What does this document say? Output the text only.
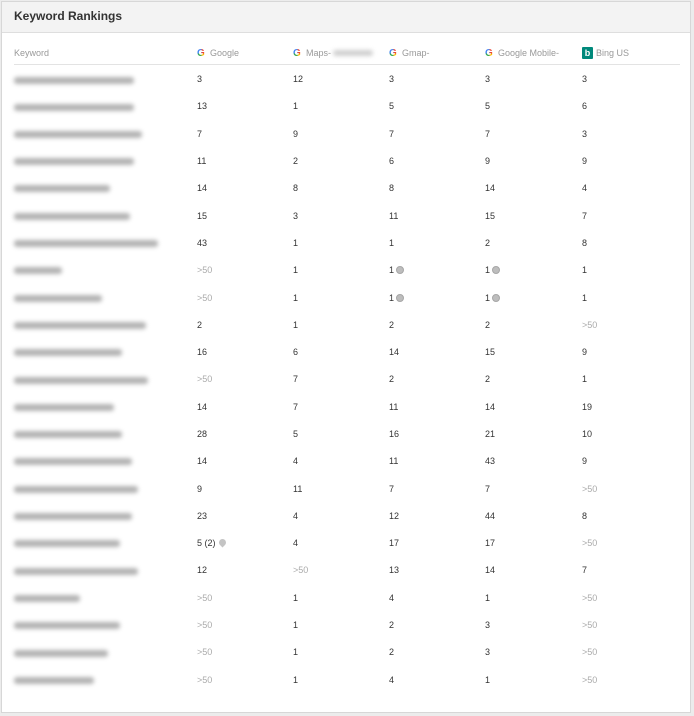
Keyword Rankings
Keyword	G Google	G Maps-	G Gmap-	G Google Mobile-	b Bing US

	3	12	3	3	3
	13	1	5	5	6
	7	9	7	7	3
	11	2	6	9	9
	14	8	8	14	4
	15	3	11	15	7
	43	1	1	2	8
	>50	1	1	1	1
	>50	1	1	1	1
	2	1	2	2	>50
	16	6	14	15	9
	>50	7	2	2	1
	14	7	11	14	19
	28	5	16	21	10
	14	4	11	43	9
	9	11	7	7	>50
	23	4	12	44	8
	5 (2)	4	17	17	>50
	12	>50	13	14	7
	>50	1	4	1	>50
	>50	1	2	3	>50
	>50	1	2	3	>50
	>50	1	4	1	>50
